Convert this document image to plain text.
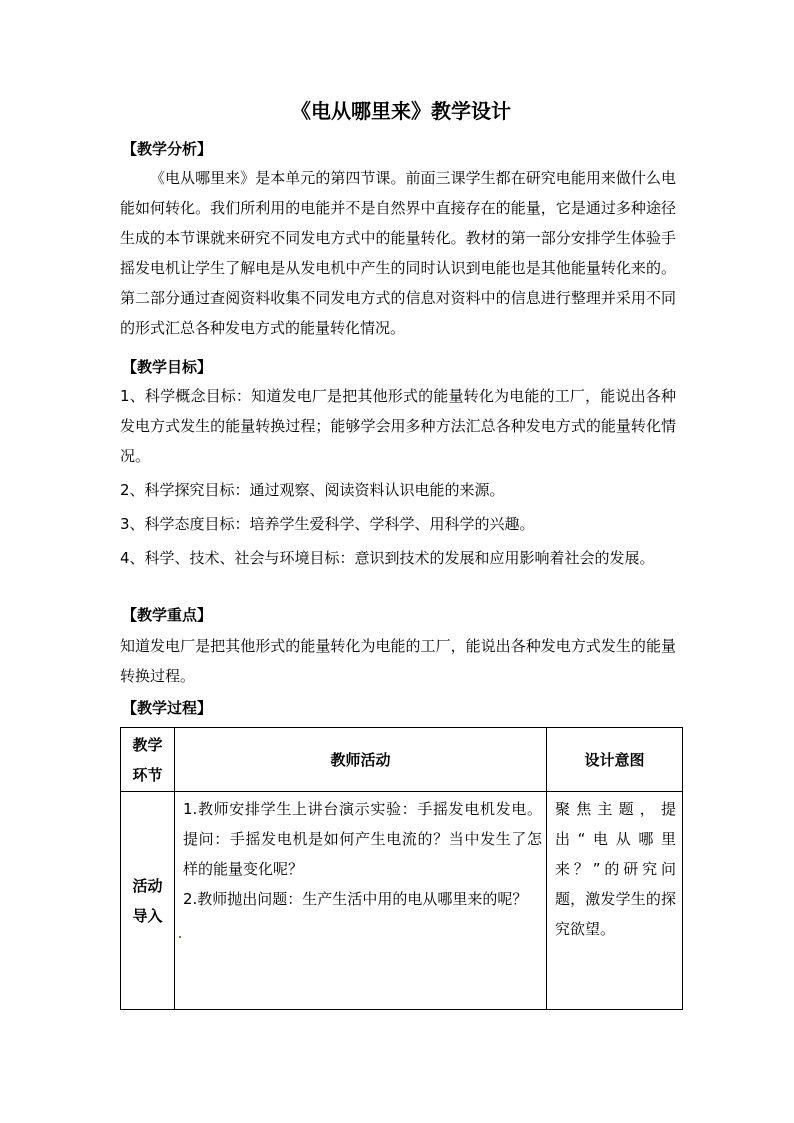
《电从哪里来》教学设计
【教学分析】

《电从哪里来》是本单元的第四节课。前面三课学生都在研究电能用来做什么电能如何转化。我们所利用的电能并不是自然界中直接存在的能量，它是通过多种途径生成的本节课就来研究不同发电方式中的能量转化。教材的第一部分安排学生体验手摇发电机让学生了解电是从发电机中产生的同时认识到电能也是其他能量转化来的。第二部分通过查阅资料收集不同发电方式的信息对资料中的信息进行整理并采用不同的形式汇总各种发电方式的能量转化情况。

【教学目标】
1、科学概念目标：知道发电厂是把其他形式的能量转化为电能的工厂，能说出各种发电方式发生的能量转换过程；能够学会用多种方法汇总各种发电方式的能量转化情况。
2、科学探究目标：通过观察、阅读资料认识电能的来源。
3、科学态度目标：培养学生爱科学、学科学、用科学的兴趣。
4、科学、技术、社会与环境目标：意识到技术的发展和应用影响着社会的发展。
【教学重点】

知道发电厂是把其他形式的能量转化为电能的工厂，能说出各种发电方式发生的能量转换过程。

【教学过程】
教学环节	教师活动	设计意图
活动导入	1.教师安排学生上讲台演示实验：手摇发电机发电。提问：手摇发电机是如何产生电流的？当中发生了怎样的能量变化呢？
2.教师抛出问题：生产生活中用的电从哪里来的呢？	聚焦主题，提出“电从哪里来？”的研究问题，激发学生的探究欲望。
